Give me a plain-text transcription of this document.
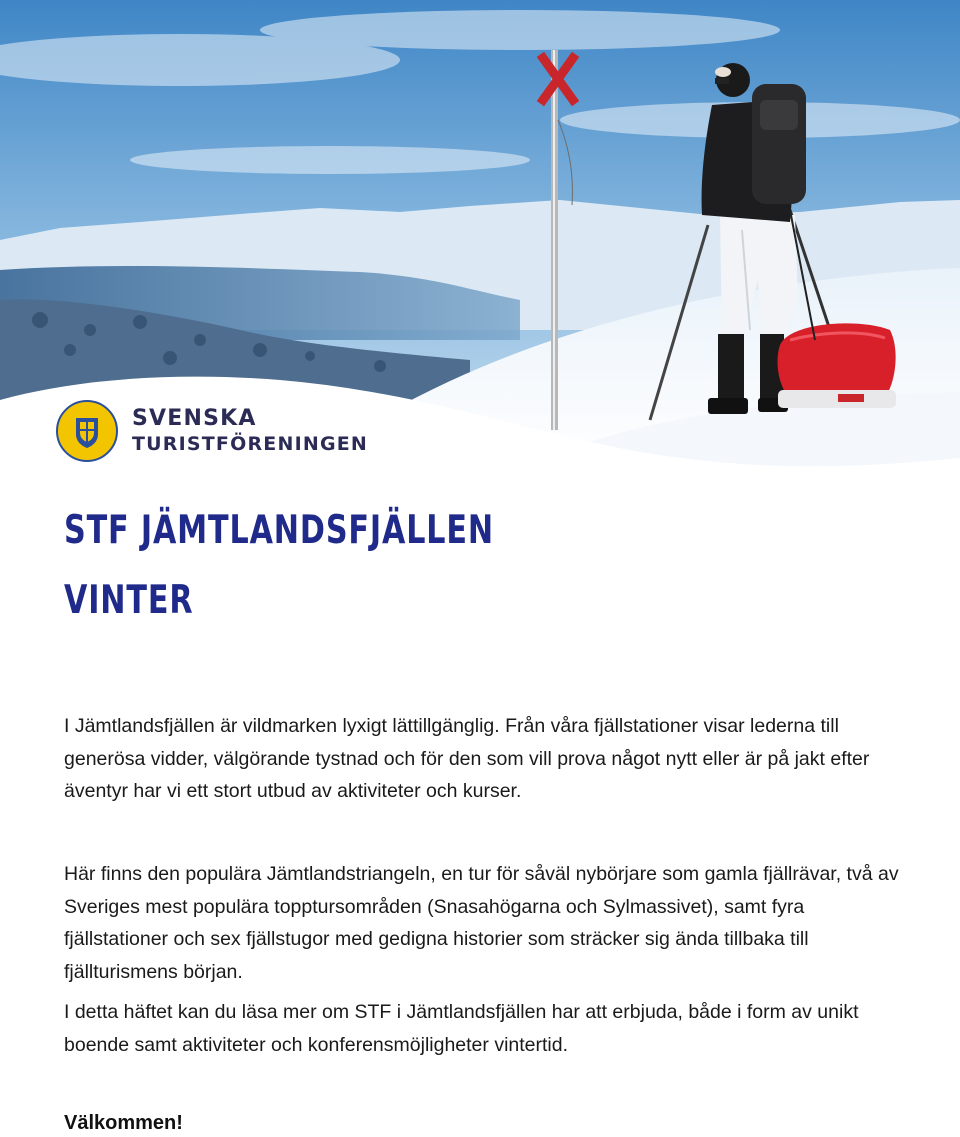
SVENSKA
TURISTFÖRENINGEN
STF JÄMTLANDSFJÄLLEN
VINTER

I Jämtlandsfjällen är vildmarken lyxigt lättillgänglig. Från våra fjällstationer visar lederna till generösa vidder, välgörande tystnad och för den som vill prova något nytt eller är på jakt efter äventyr har vi ett stort utbud av aktiviteter och kurser.

Här finns den populära Jämtlandstriangeln, en tur för såväl nybörjare som gamla fjällrävar, två av Sveriges mest populära topptursområden (Snasahögarna och Sylmassivet), samt fyra fjällstationer och sex fjällstugor med gedigna historier som sträcker sig ända tillbaka till fjällturismens början.

I detta häftet kan du läsa mer om STF i Jämtlandsfjällen har att erbjuda, både i form av unikt boende samt aktiviteter och konferensmöjligheter vintertid.

Välkommen!
